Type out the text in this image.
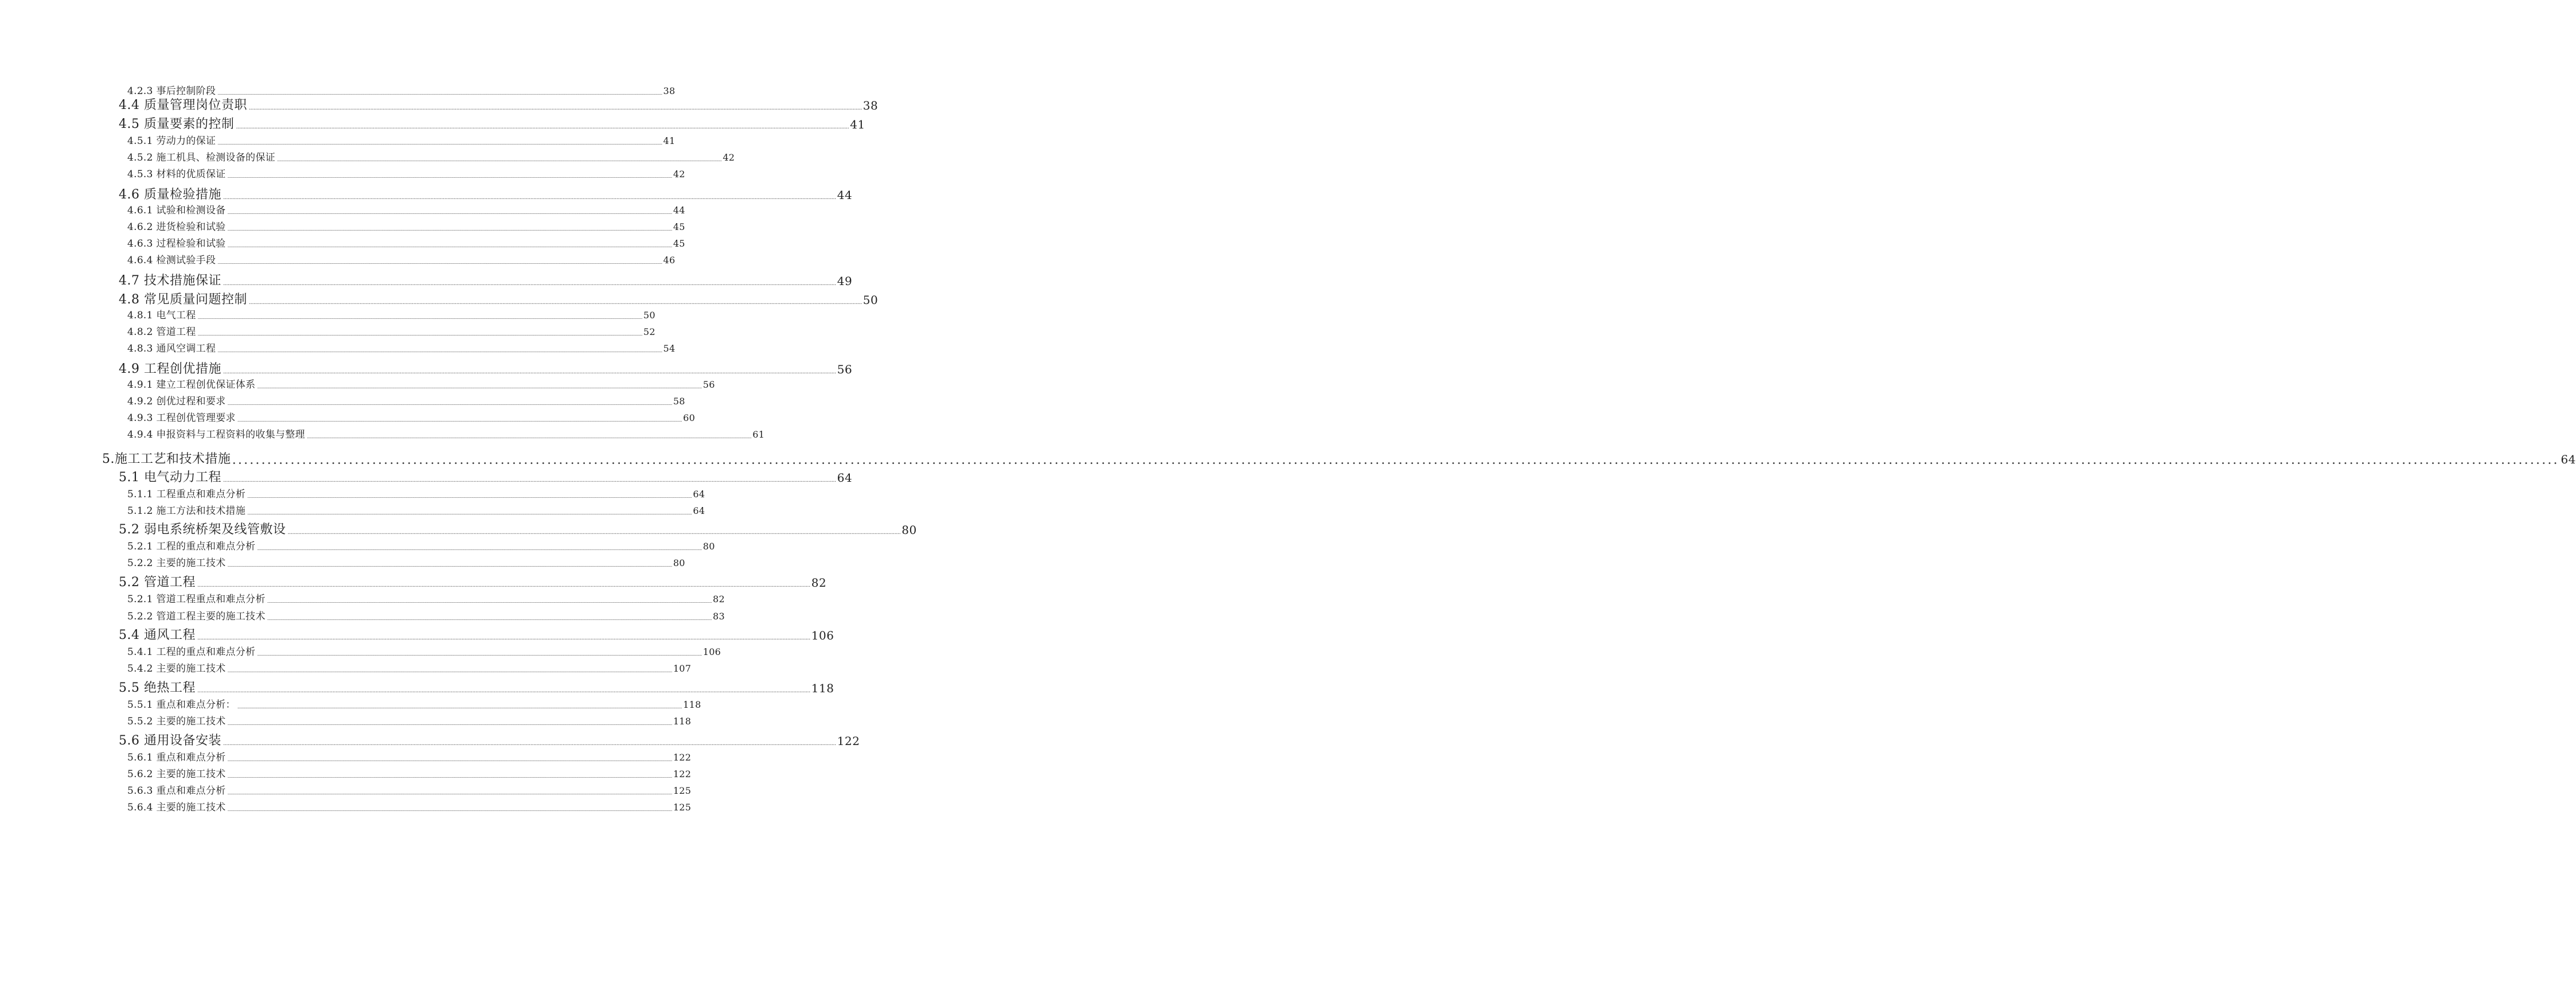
4.2.3 事后控制阶段 ............................................................................................................................................................................................................................................................................................................................................................................................................... 38
4.4 质量管理岗位责职 ............................................................................................................................................................................................................................................................................................................................................................................................................... 38
4.5 质量要素的控制 ............................................................................................................................................................................................................................................................................................................................................................................................................... 41
4.5.1 劳动力的保证 ............................................................................................................................................................................................................................................................................................................................................................................................................... 41
4.5.2 施工机具、检测设备的保证 ............................................................................................................................................................................................................................................................................................................................................................................................................... 42
4.5.3 材料的优质保证 ............................................................................................................................................................................................................................................................................................................................................................................................................... 42
4.6 质量检验措施 ............................................................................................................................................................................................................................................................................................................................................................................................................... 44
4.6.1 试验和检测设备 ............................................................................................................................................................................................................................................................................................................................................................................................................... 44
4.6.2 进货检验和试验 ............................................................................................................................................................................................................................................................................................................................................................................................................... 45
4.6.3 过程检验和试验 ............................................................................................................................................................................................................................................................................................................................................................................................................... 45
4.6.4 检测试验手段 ............................................................................................................................................................................................................................................................................................................................................................................................................... 46
4.7 技术措施保证 ............................................................................................................................................................................................................................................................................................................................................................................................................... 49
4.8 常见质量问题控制 ............................................................................................................................................................................................................................................................................................................................................................................................................... 50
4.8.1 电气工程 ............................................................................................................................................................................................................................................................................................................................................................................................................... 50
4.8.2 管道工程 ............................................................................................................................................................................................................................................................................................................................................................................................................... 52
4.8.3 通风空调工程 ............................................................................................................................................................................................................................................................................................................................................................................................................... 54
4.9 工程创优措施 ............................................................................................................................................................................................................................................................................................................................................................................................................... 56
4.9.1 建立工程创优保证体系 ............................................................................................................................................................................................................................................................................................................................................................................................................... 56
4.9.2 创优过程和要求 ............................................................................................................................................................................................................................................................................................................................................................................................................... 58
4.9.3 工程创优管理要求 ............................................................................................................................................................................................................................................................................................................................................................................................................... 60
4.9.4 申报资料与工程资料的收集与整理 ............................................................................................................................................................................................................................................................................................................................................................................................................... 61
5.施工工艺和技术措施 ............................................................................................................................................................................................................................................................................................................................................................................................................... 64
5.1 电气动力工程 ............................................................................................................................................................................................................................................................................................................................................................................................................... 64
5.1.1 工程重点和难点分析 ............................................................................................................................................................................................................................................................................................................................................................................................................... 64
5.1.2 施工方法和技术措施 ............................................................................................................................................................................................................................................................................................................................................................................................................... 64
5.2 弱电系统桥架及线管敷设 ............................................................................................................................................................................................................................................................................................................................................................................................................... 80
5.2.1 工程的重点和难点分析 ............................................................................................................................................................................................................................................................................................................................................................................................................... 80
5.2.2 主要的施工技术 ............................................................................................................................................................................................................................................................................................................................................................................................................... 80
5.2 管道工程 ............................................................................................................................................................................................................................................................................................................................................................................................................... 82
5.2.1 管道工程重点和难点分析 ............................................................................................................................................................................................................................................................................................................................................................................................................... 82
5.2.2 管道工程主要的施工技术 ............................................................................................................................................................................................................................................................................................................................................................................................................... 83
5.4 通风工程 ............................................................................................................................................................................................................................................................................................................................................................................................................... 106
5.4.1 工程的重点和难点分析 ............................................................................................................................................................................................................................................................................................................................................................................................................... 106
5.4.2 主要的施工技术 ............................................................................................................................................................................................................................................................................................................................................................................................................... 107
5.5 绝热工程 ............................................................................................................................................................................................................................................................................................................................................................................................................... 118
5.5.1 重点和难点分析： ............................................................................................................................................................................................................................................................................................................................................................................................................... 118
5.5.2 主要的施工技术 ............................................................................................................................................................................................................................................................................................................................................................................................................... 118
5.6 通用设备安装 ............................................................................................................................................................................................................................................................................................................................................................................................................... 122
5.6.1 重点和难点分析 ............................................................................................................................................................................................................................................................................................................................................................................................................... 122
5.6.2 主要的施工技术 ............................................................................................................................................................................................................................................................................................................................................................................................................... 122
5.6.3 重点和难点分析 ............................................................................................................................................................................................................................................................................................................................................................................................................... 125
5.6.4 主要的施工技术 ............................................................................................................................................................................................................................................................................................................................................................................................................... 125
